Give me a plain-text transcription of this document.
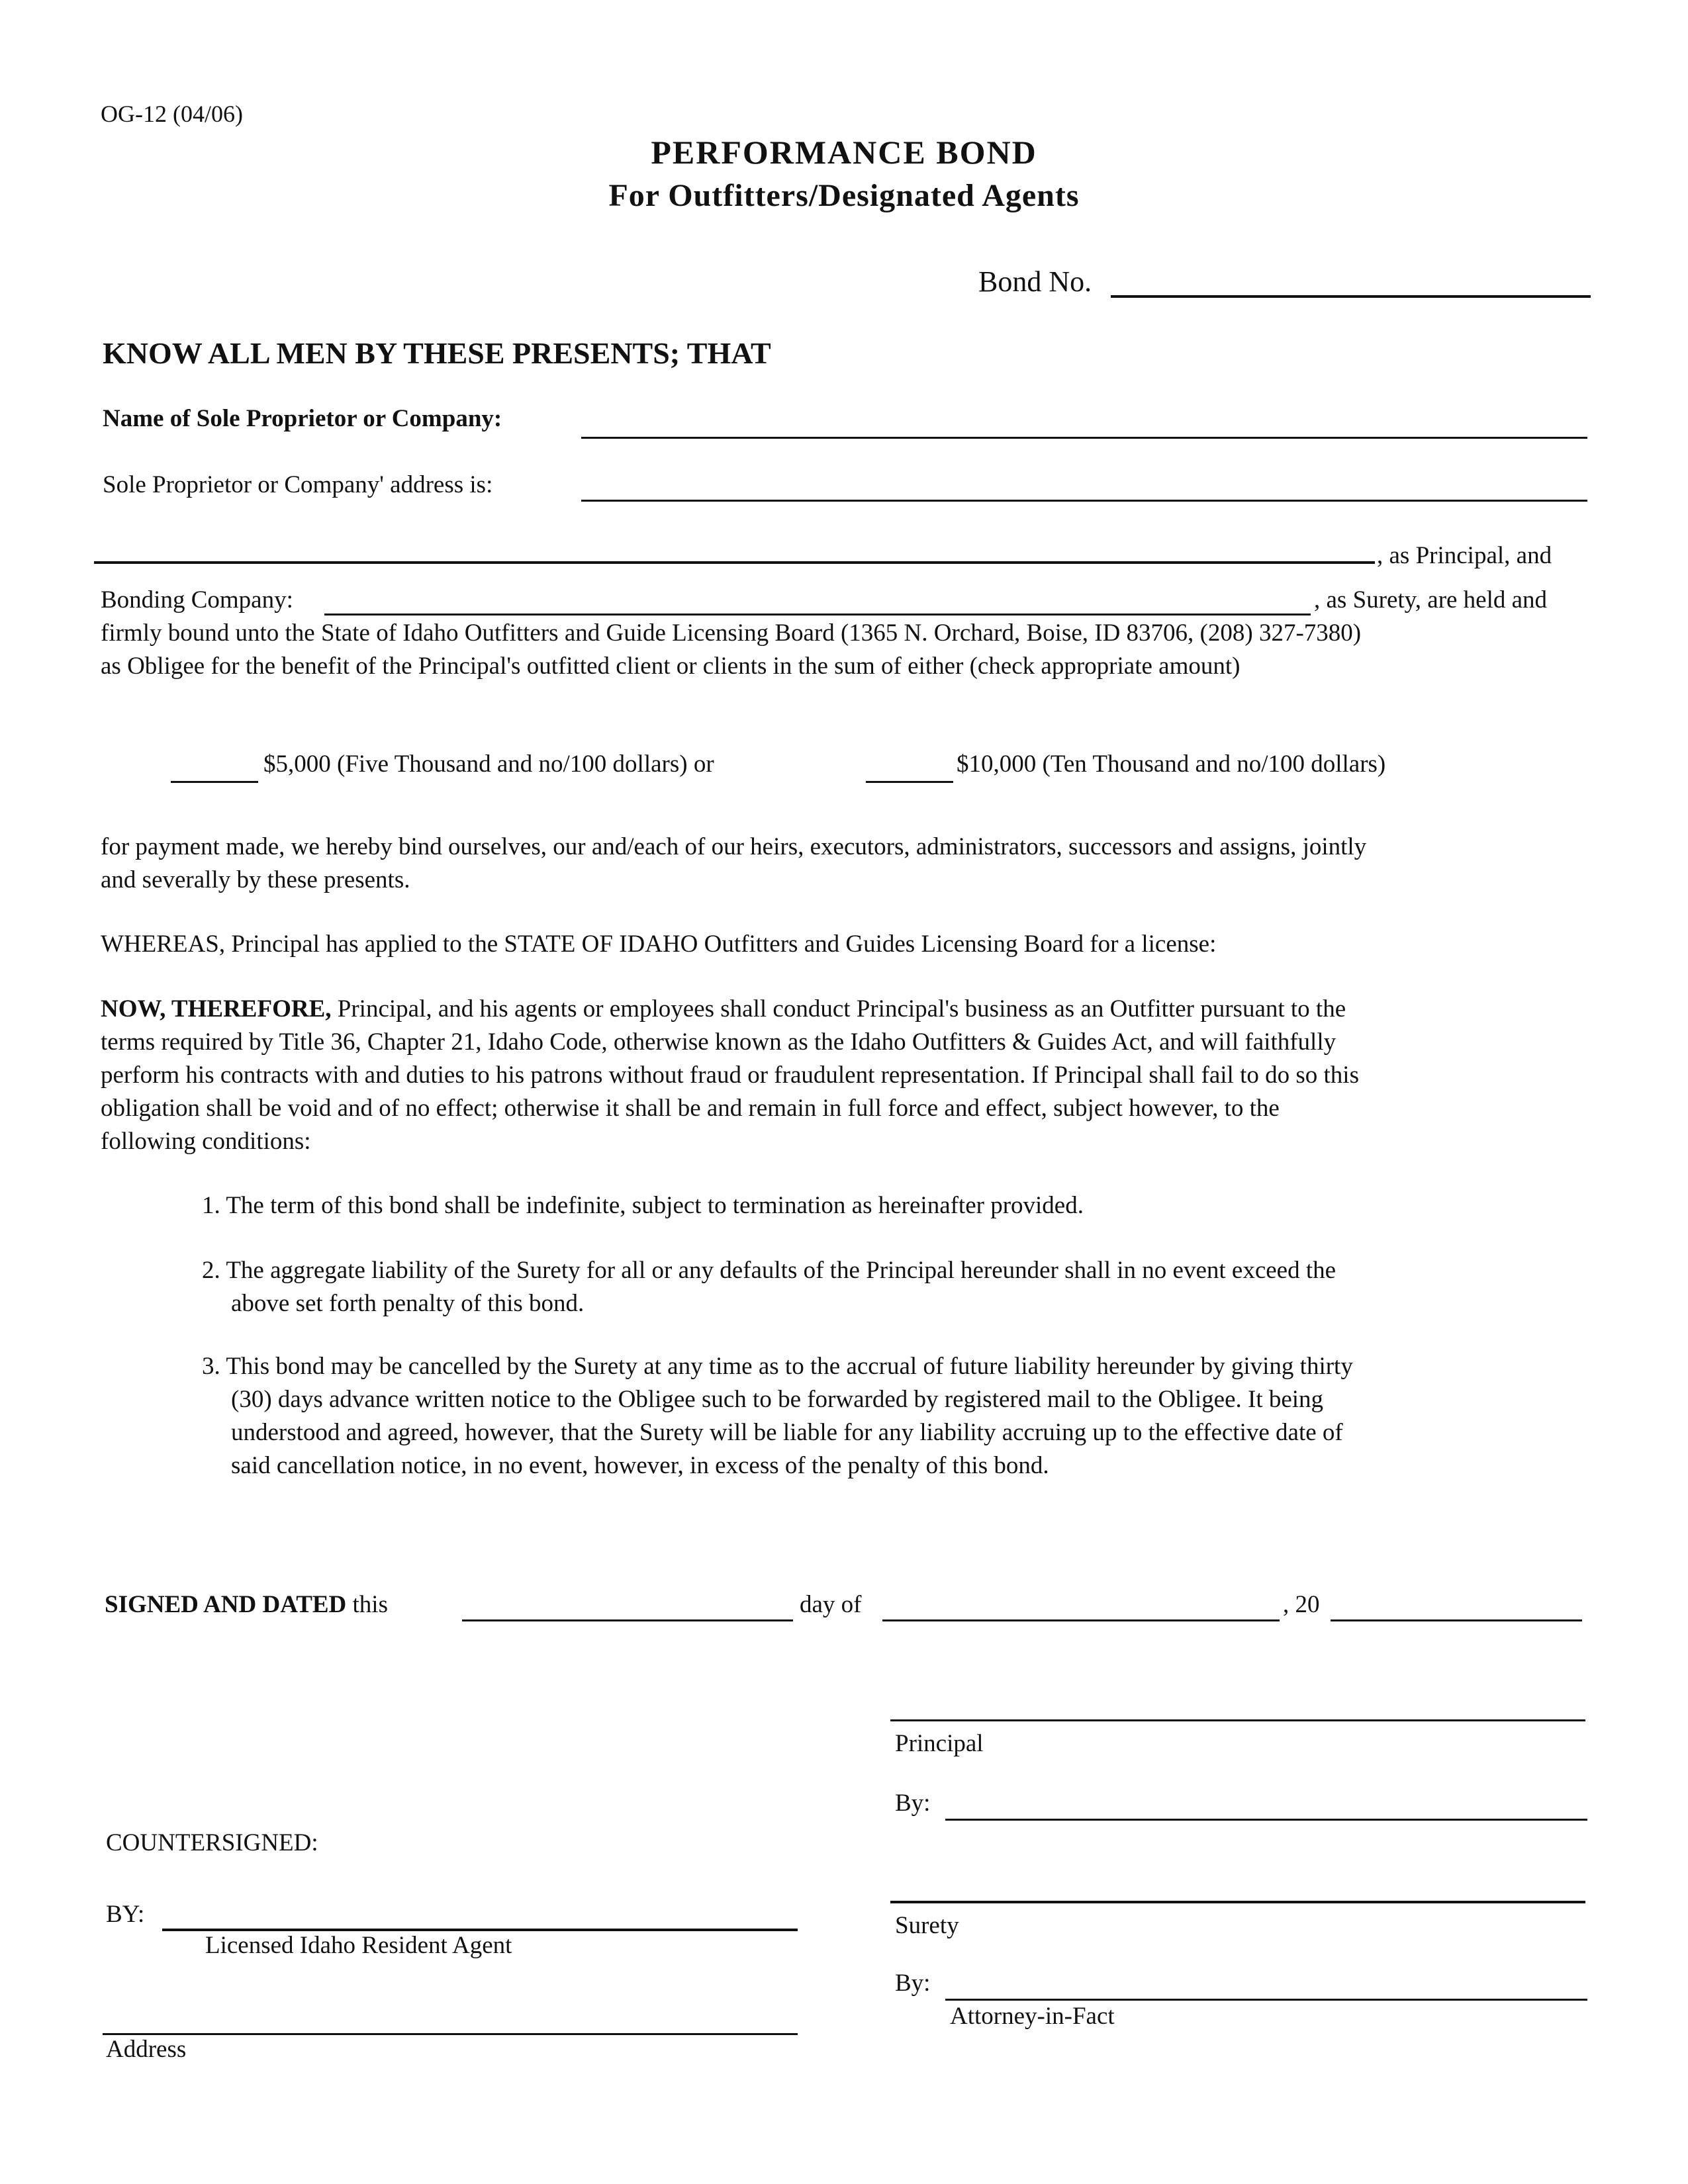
OG-12 (04/06)
PERFORMANCE BOND
For Outfitters/Designated Agents
Bond No.
KNOW ALL MEN BY THESE PRESENTS; THAT
Name of Sole Proprietor or Company:
Sole Proprietor or Company' address is:
, as Principal, and
Bonding Company:	, as Surety, are held and

firmly bound unto the State of Idaho Outfitters and Guide Licensing Board (1365 N. Orchard, Boise, ID 83706, (208) 327-7380)

as Obligee for the benefit of the Principal's outfitted client or clients in the sum of either (check appropriate amount)

$5,000 (Five Thousand and no/100 dollars) or	$10,000 (Ten Thousand and no/100 dollars)

for payment made, we hereby bind ourselves, our and/each of our heirs, executors, administrators, successors and assigns, jointly

and severally by these presents.

WHEREAS, Principal has applied to the STATE OF IDAHO Outfitters and Guides Licensing Board for a license:

NOW, THEREFORE, Principal, and his agents or employees shall conduct Principal's business as an Outfitter pursuant to the

terms required by Title 36, Chapter 21, Idaho Code, otherwise known as the Idaho Outfitters & Guides Act, and will faithfully

perform his contracts with and duties to his patrons without fraud or fraudulent representation. If Principal shall fail to do so this

obligation shall be void and of no effect; otherwise it shall be and remain in full force and effect, subject however, to the

following conditions:

1. The term of this bond shall be indefinite, subject to termination as hereinafter provided.

2. The aggregate liability of the Surety for all or any defaults of the Principal hereunder shall in no event exceed the

above set forth penalty of this bond.

3. This bond may be cancelled by the Surety at any time as to the accrual of future liability hereunder by giving thirty

(30) days advance written notice to the Obligee such to be forwarded by registered mail to the Obligee. It being

understood and agreed, however, that the Surety will be liable for any liability accruing up to the effective date of

said cancellation notice, in no event, however, in excess of the penalty of this bond.

SIGNED AND DATED this	day of	, 20
Principal
By:
COUNTERSIGNED:
BY:
Licensed Idaho Resident Agent
Address
Surety
By:
Attorney-in-Fact
